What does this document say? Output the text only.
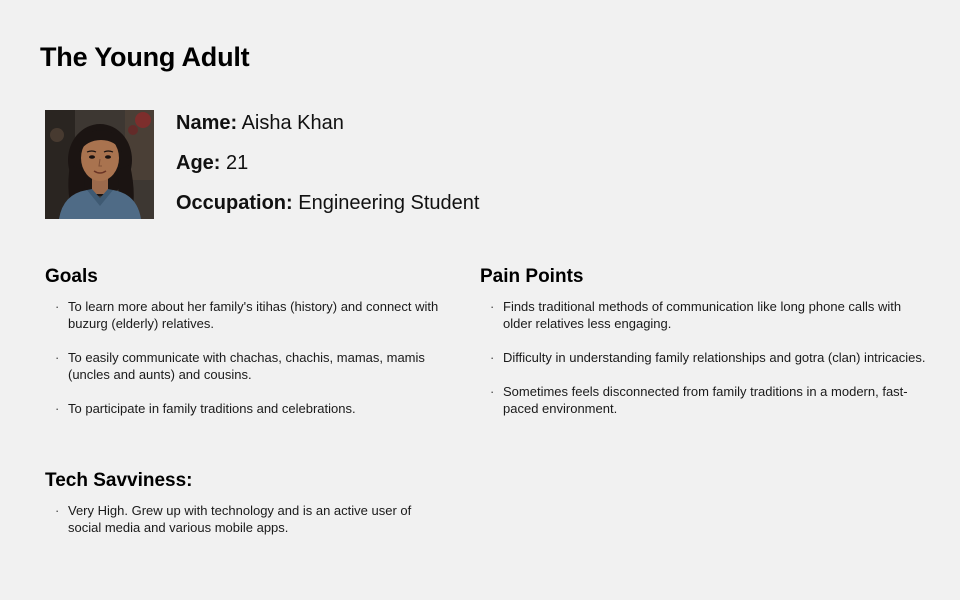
The Young Adult
Name: Aisha Khan
Age: 21
Occupation: Engineering Student
Goals
· To learn more about her family's itihas (history) and connect with buzurg (elderly) relatives.
· To easily communicate with chachas, chachis, mamas, mamis (uncles and aunts) and cousins.
· To participate in family traditions and celebrations.
Pain Points
· Finds traditional methods of communication like long phone calls with older relatives less engaging.
· Difficulty in understanding family relationships and gotra (clan) intricacies.
· Sometimes feels disconnected from family traditions in a modern, fast-paced environment.
Tech Savviness:
· Very High. Grew up with technology and is an active user of social media and various mobile apps.
